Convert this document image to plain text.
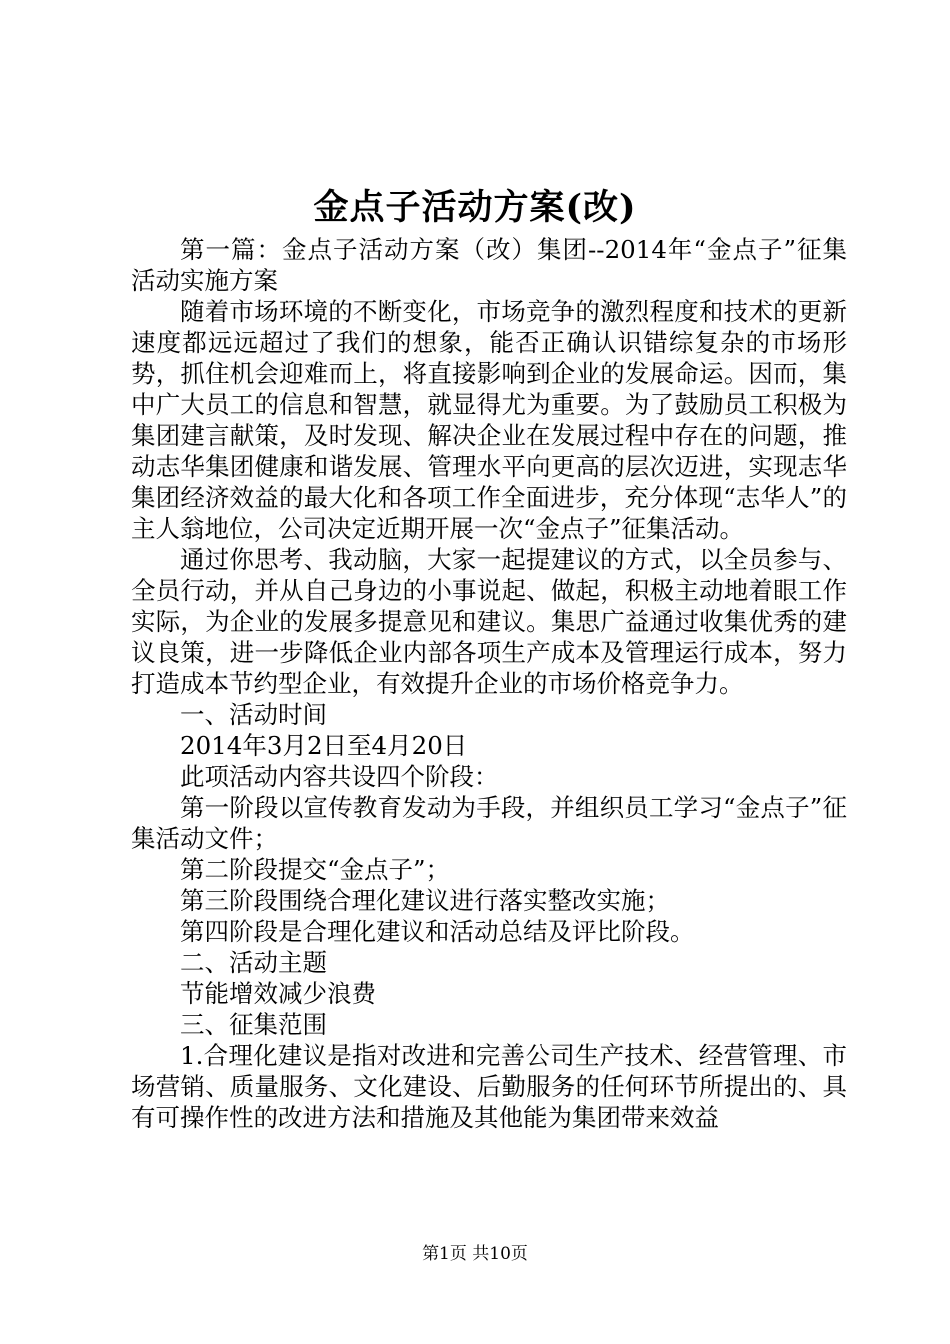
金点子活动方案(改)

第一篇：金点子活动方案（改）集团--2014年“金点子”征集活动实施方案

随着市场环境的不断变化，市场竞争的激烈程度和技术的更新速度都远远超过了我们的想象，能否正确认识错综复杂的市场形势，抓住机会迎难而上，将直接影响到企业的发展命运。因而，集中广大员工的信息和智慧，就显得尤为重要。为了鼓励员工积极为集团建言献策，及时发现、解决企业在发展过程中存在的问题，推动志华集团健康和谐发展、管理水平向更高的层次迈进，实现志华集团经济效益的最大化和各项工作全面进步，充分体现“志华人”的主人翁地位，公司决定近期开展一次“金点子”征集活动。

通过你思考、我动脑，大家一起提建议的方式，以全员参与、全员行动，并从自己身边的小事说起、做起，积极主动地着眼工作实际，为企业的发展多提意见和建议。集思广益通过收集优秀的建议良策，进一步降低企业内部各项生产成本及管理运行成本，努力打造成本节约型企业，有效提升企业的市场价格竞争力。

一、活动时间

2014年3月2日至4月20日

此项活动内容共设四个阶段：

第一阶段以宣传教育发动为手段，并组织员工学习“金点子”征集活动文件；

第二阶段提交“金点子”；

第三阶段围绕合理化建议进行落实整改实施；

第四阶段是合理化建议和活动总结及评比阶段。

二、活动主题

节能增效减少浪费

三、征集范围

1.合理化建议是指对改进和完善公司生产技术、经营管理、市场营销、质量服务、文化建设、后勤服务的任何环节所提出的、具有可操作性的改进方法和措施及其他能为集团带来效益

第1页 共10页
